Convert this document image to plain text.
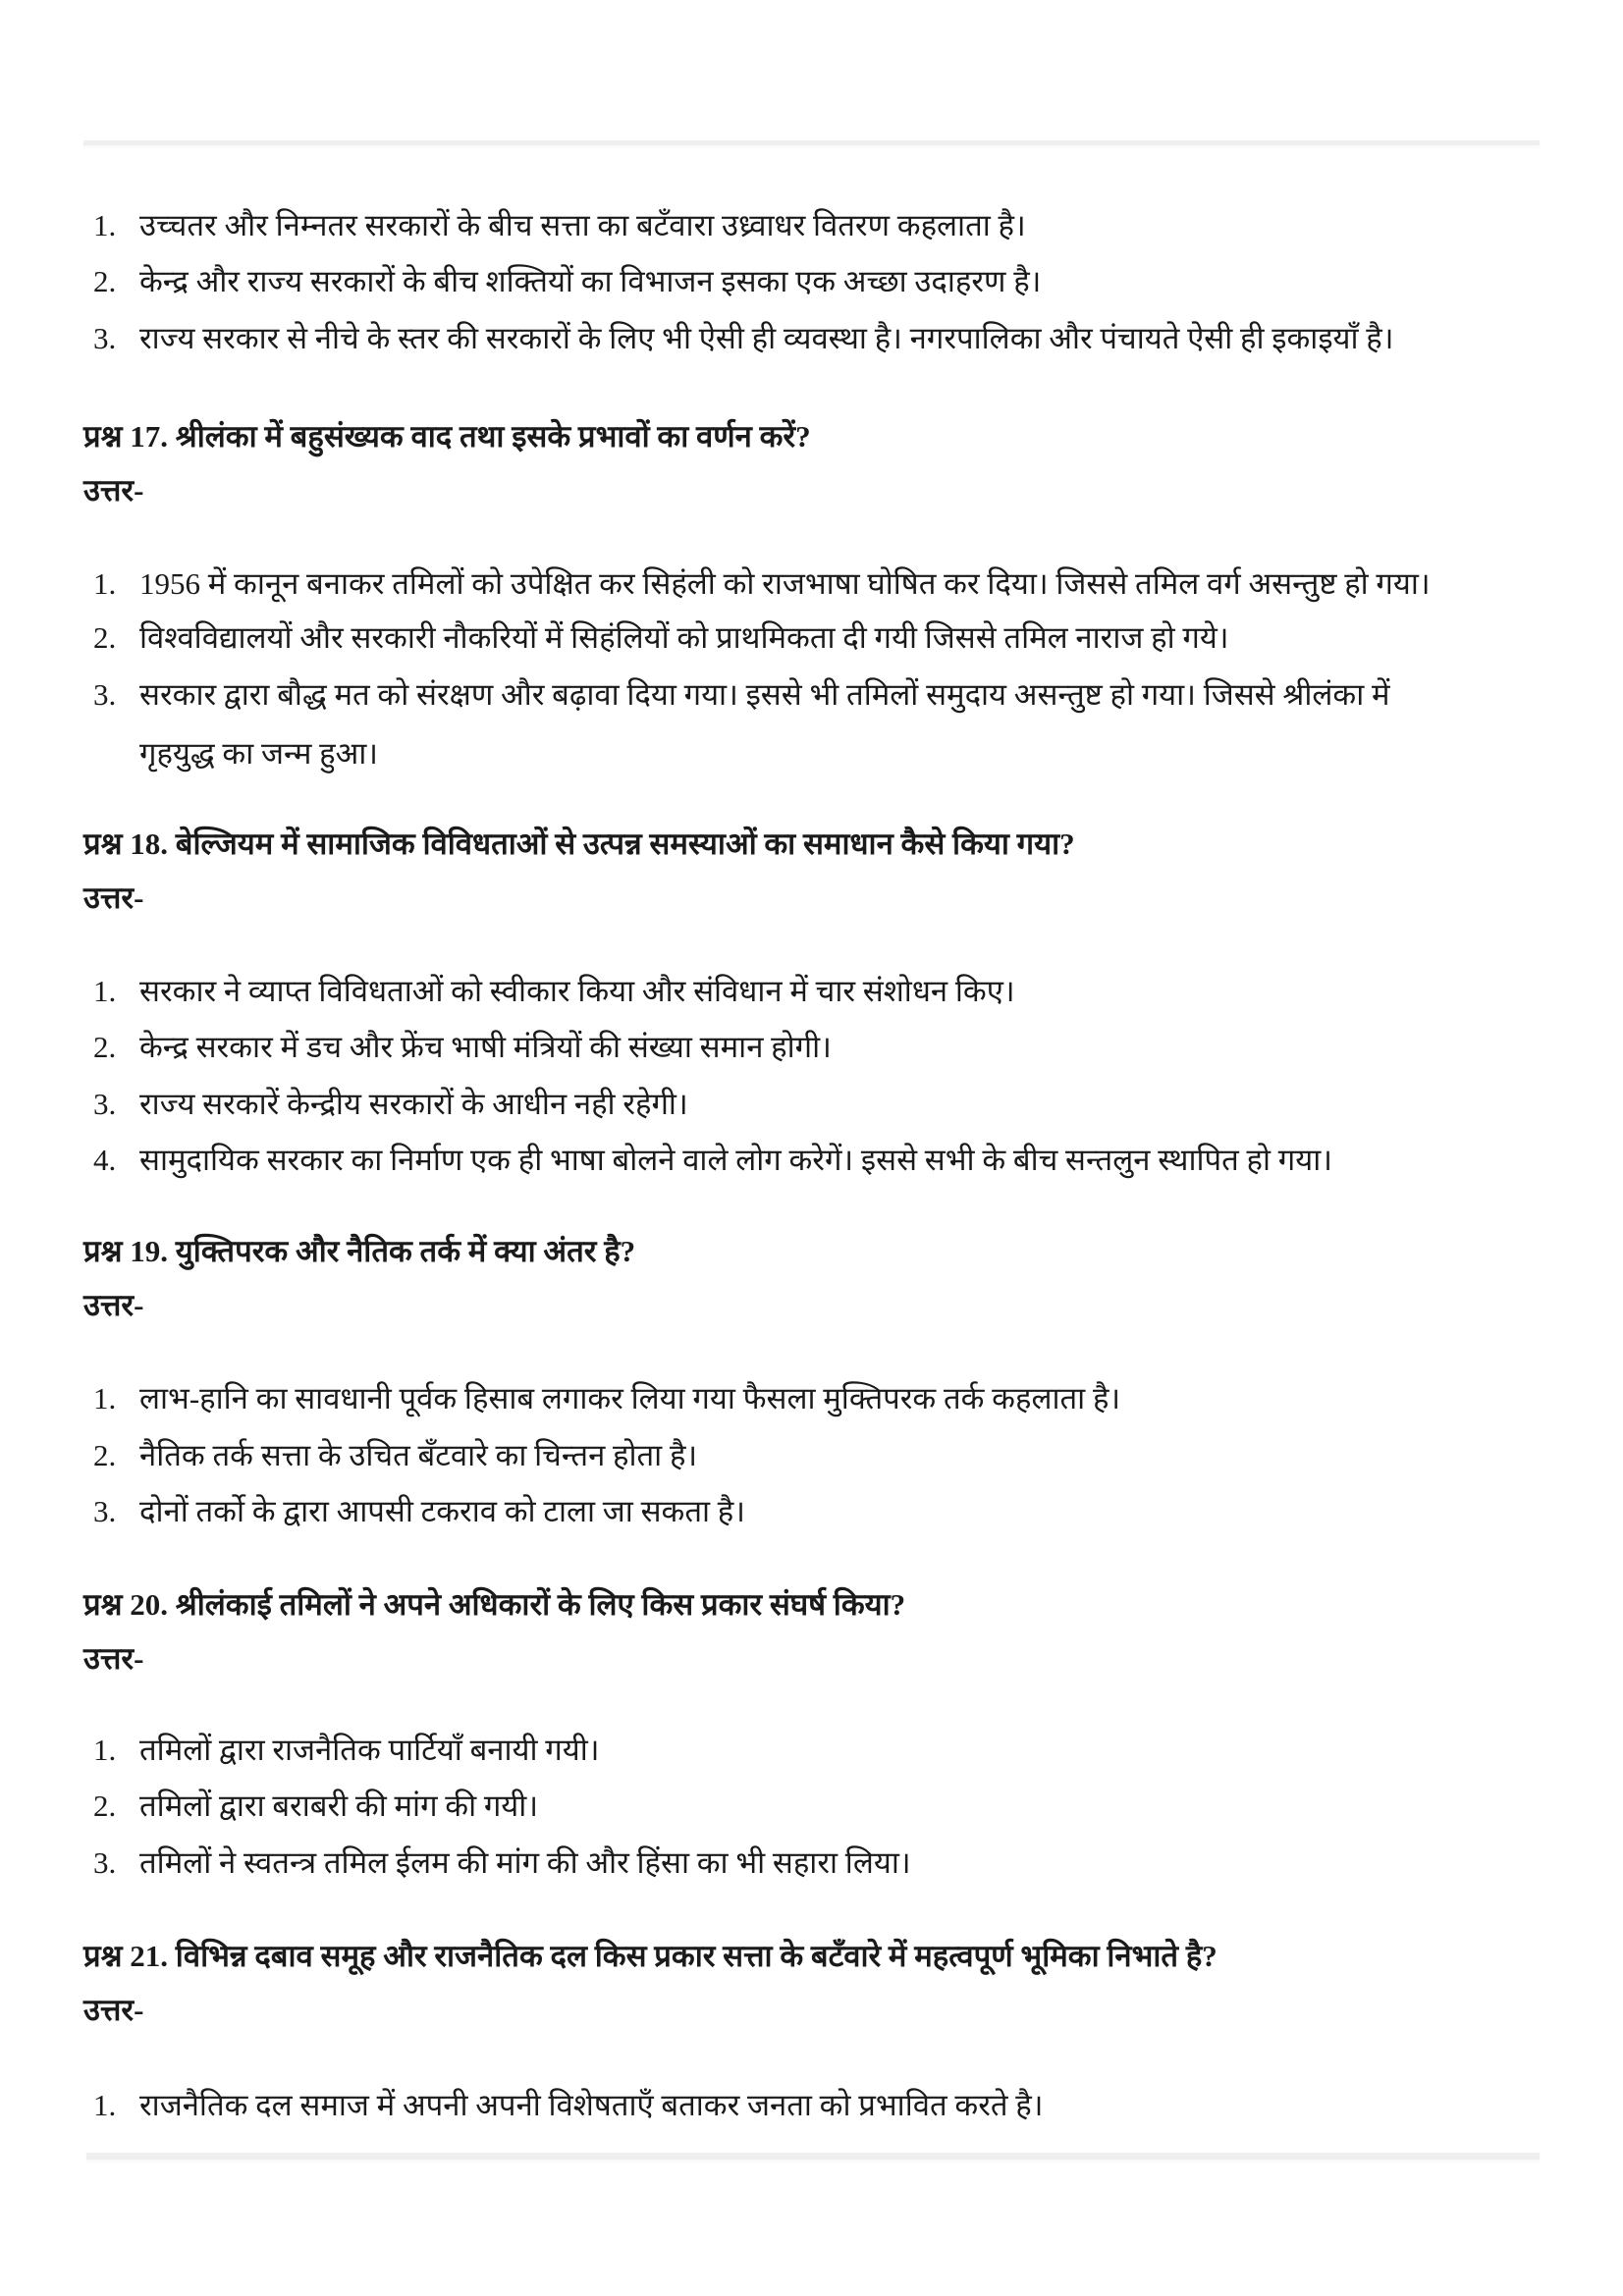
1. उच्चतर और निम्नतर सरकारों के बीच सत्ता का बटँवारा उध्र्वाधर वितरण कहलाता है।
2. केन्द्र और राज्य सरकारों के बीच शक्तियों का विभाजन इसका एक अच्छा उदाहरण है।
3. राज्य सरकार से नीचे के स्तर की सरकारों के लिए भी ऐसी ही व्यवस्था है। नगरपालिका और पंचायते ऐसी ही इकाइयाँ है।
प्रश्न 17. श्रीलंका में बहुसंख्यक वाद तथा इसके प्रभावों का वर्णन करें?
उत्तर-
1. 1956 में कानून बनाकर तमिलों को उपेक्षित कर सिहंली को राजभाषा घोषित कर दिया। जिससे तमिल वर्ग असन्तुष्ट हो गया।
2. विश्वविद्यालयों और सरकारी नौकरियों में सिहंलियों को प्राथमिकता दी गयी जिससे तमिल नाराज हो गये।
3. सरकार द्वारा बौद्ध मत को संरक्षण और बढ़ावा दिया गया। इससे भी तमिलों समुदाय असन्तुष्ट हो गया। जिससे श्रीलंका में
गृहयुद्ध का जन्म हुआ।
प्रश्न 18. बेल्जियम में सामाजिक विविधताओं से उत्पन्न समस्याओं का समाधान कैसे किया गया?
उत्तर-
1. सरकार ने व्याप्त विविधताओं को स्वीकार किया और संविधान में चार संशोधन किए।
2. केन्द्र सरकार में डच और फ्रेंच भाषी मंत्रियों की संख्या समान होगी।
3. राज्य सरकारें केन्द्रीय सरकारों के आधीन नही रहेगी।
4. सामुदायिक सरकार का निर्माण एक ही भाषा बोलने वाले लोग करेगें। इससे सभी के बीच सन्तलुन स्थापित हो गया।
प्रश्न 19. युक्तिपरक और नैतिक तर्क में क्या अंतर है?
उत्तर-
1. लाभ-हानि का सावधानी पूर्वक हिसाब लगाकर लिया गया फैसला मुक्तिपरक तर्क कहलाता है।
2. नैतिक तर्क सत्ता के उचित बँटवारे का चिन्तन होता है।
3. दोनों तर्को के द्वारा आपसी टकराव को टाला जा सकता है।
प्रश्न 20. श्रीलंकाई तमिलों ने अपने अधिकारों के लिए किस प्रकार संघर्ष किया?
उत्तर-
1. तमिलों द्वारा राजनैतिक पार्टियाँ बनायी गयी।
2. तमिलों द्वारा बराबरी की मांग की गयी।
3. तमिलों ने स्वतन्त्र तमिल ईलम की मांग की और हिंसा का भी सहारा लिया।
प्रश्न 21. विभिन्न दबाव समूह और राजनैतिक दल किस प्रकार सत्ता के बटँवारे में महत्वपूर्ण भूमिका निभाते है?
उत्तर-
1. राजनैतिक दल समाज में अपनी अपनी विशेषताएँ बताकर जनता को प्रभावित करते है।
